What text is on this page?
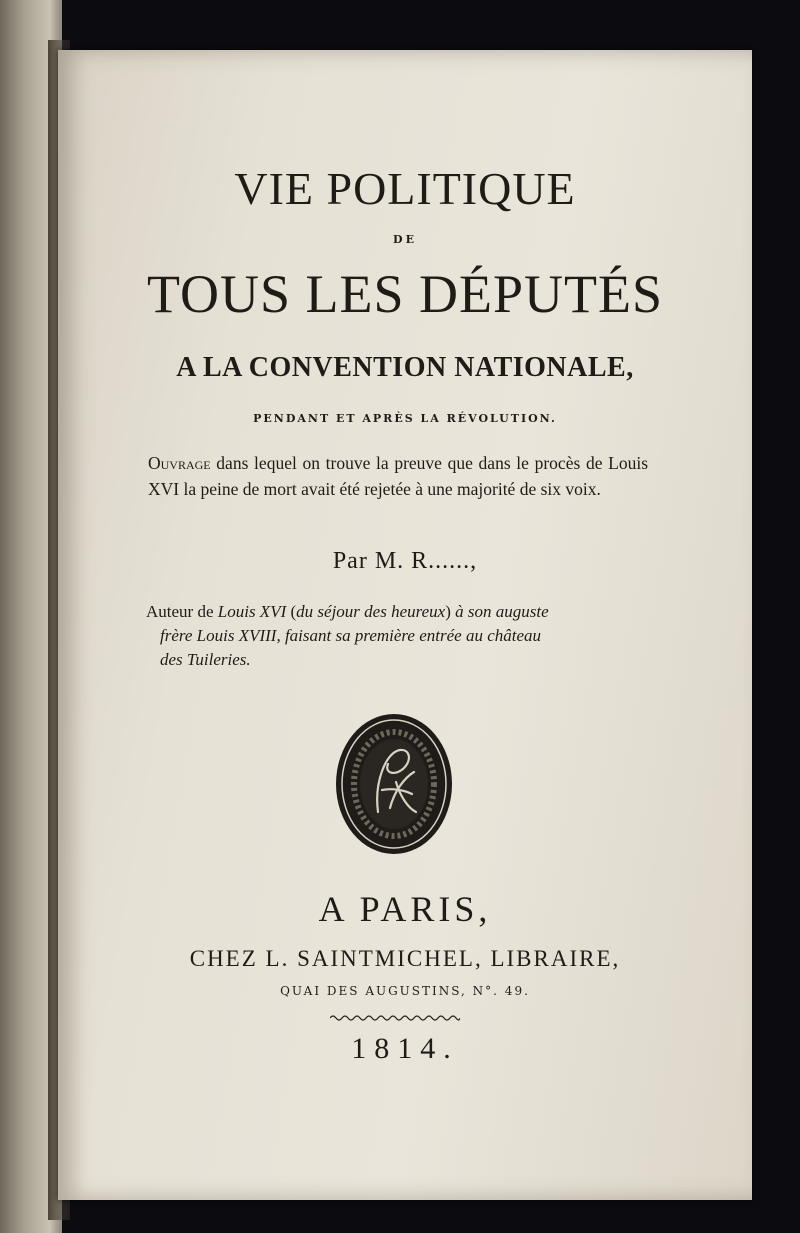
VIE POLITIQUE
DE
TOUS LES DÉPUTÉS
A LA CONVENTION NATIONALE,
PENDANT ET APRÈS LA RÉVOLUTION.
Ouvrage dans lequel on trouve la preuve que dans le procès de Louis XVI la peine de mort avait été rejetée à une majorité de six voix.
Par M. R......,
Auteur de Louis XVI (du séjour des heureux) à son auguste
frère Louis XVIII, faisant sa première entrée au château
des Tuileries.
A PARIS,
CHEZ L. SAINTMICHEL, LIBRAIRE,
QUAI DES AUGUSTINS, N°. 49.
1814.
